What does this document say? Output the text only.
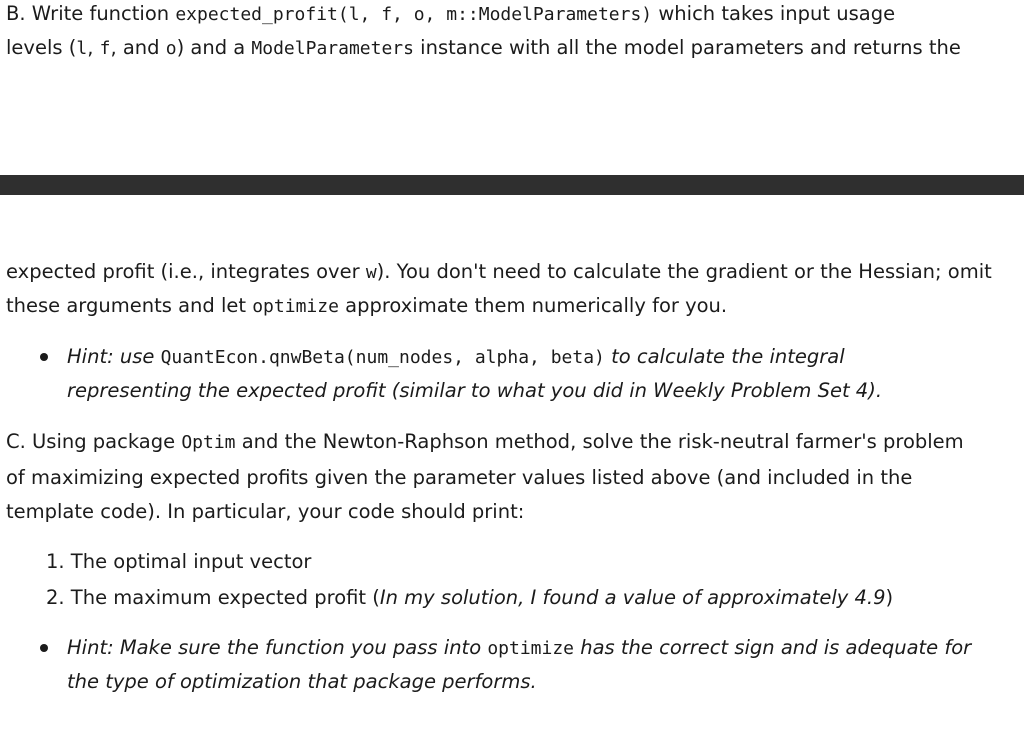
B. Write function expected_profit(l, f, o, m::ModelParameters) which takes input usage
levels (l, f, and o) and a ModelParameters instance with all the model parameters and returns the
expected profit (i.e., integrates over w). You don't need to calculate the gradient or the Hessian; omit
these arguments and let optimize approximate them numerically for you.
Hint: use QuantEcon.qnwBeta(num_nodes, alpha, beta) to calculate the integral
representing the expected profit (similar to what you did in Weekly Problem Set 4).
C. Using package Optim and the Newton-Raphson method, solve the risk-neutral farmer's problem
of maximizing expected profits given the parameter values listed above (and included in the
template code). In particular, your code should print:
1. The optimal input vector
2. The maximum expected profit (In my solution, I found a value of approximately 4.9)
Hint: Make sure the function you pass into optimize has the correct sign and is adequate for
the type of optimization that package performs.
